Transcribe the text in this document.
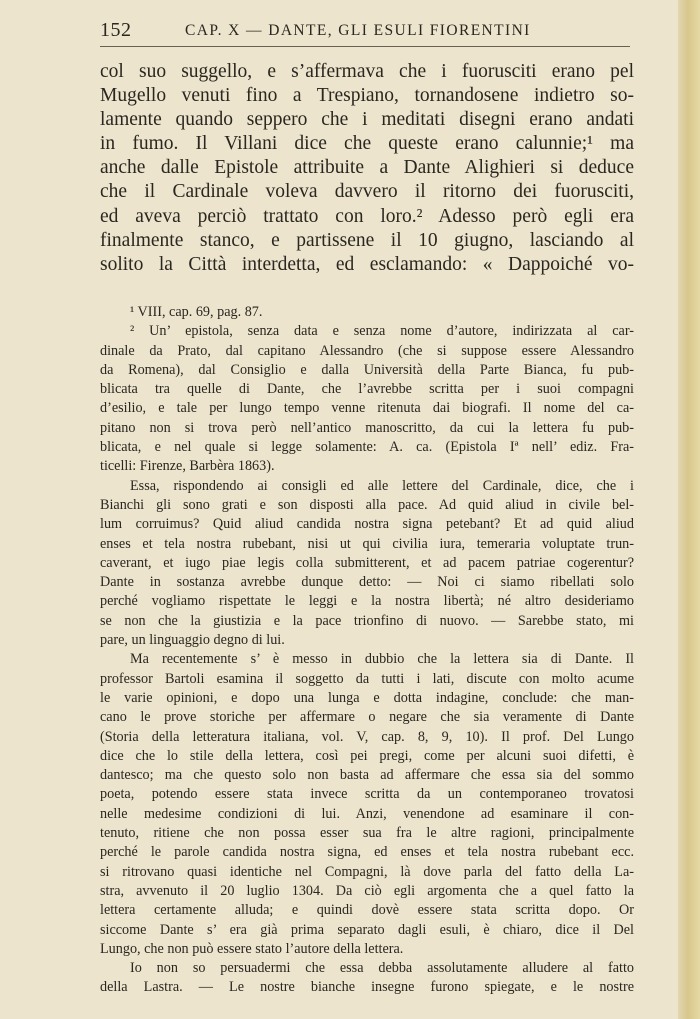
152	CAP. X — DANTE, GLI ESULI FIORENTINI
col suo suggello, e s’affermava che i fuorusciti erano pel
Mugello venuti fino a Trespiano, tornandosene indietro so-
lamente quando seppero che i meditati disegni erano andati
in fumo. Il Villani dice che queste erano calunnie;¹ ma
anche dalle Epistole attribuite a Dante Alighieri si deduce
che il Cardinale voleva davvero il ritorno dei fuorusciti,
ed aveva perciò trattato con loro.² Adesso però egli era
finalmente stanco, e partissene il 10 giugno, lasciando al
solito la Città interdetta, ed esclamando: « Dappoiché vo-
¹ VIII, cap. 69, pag. 87.
² Un’ epistola, senza data e senza nome d’autore, indirizzata al car-
dinale da Prato, dal capitano Alessandro (che si suppose essere Alessandro
da Romena), dal Consiglio e dalla Università della Parte Bianca, fu pub-
blicata tra quelle di Dante, che l’avrebbe scritta per i suoi compagni
d’esilio, e tale per lungo tempo venne ritenuta dai biografi. Il nome del ca-
pitano non si trova però nell’antico manoscritto, da cui la lettera fu pub-
blicata, e nel quale si legge solamente: A. ca. (Epistola Iª nell’ ediz. Fra-
ticelli: Firenze, Barbèra 1863).
Essa, rispondendo ai consigli ed alle lettere del Cardinale, dice, che i
Bianchi gli sono grati e son disposti alla pace. Ad quid aliud in civile bel-
lum corruimus? Quid aliud candida nostra signa petebant? Et ad quid aliud
enses et tela nostra rubebant, nisi ut qui civilia iura, temeraria voluptate trun-
caverant, et iugo piae legis colla submitterent, et ad pacem patriae cogerentur?
Dante in sostanza avrebbe dunque detto: — Noi ci siamo ribellati solo
perché vogliamo rispettate le leggi e la nostra libertà; né altro desideriamo
se non che la giustizia e la pace trionfino di nuovo. — Sarebbe stato, mi
pare, un linguaggio degno di lui.
Ma recentemente s’ è messo in dubbio che la lettera sia di Dante. Il
professor Bartoli esamina il soggetto da tutti i lati, discute con molto acume
le varie opinioni, e dopo una lunga e dotta indagine, conclude: che man-
cano le prove storiche per affermare o negare che sia veramente di Dante
(Storia della letteratura italiana, vol. V, cap. 8, 9, 10). Il prof. Del Lungo
dice che lo stile della lettera, così pei pregi, come per alcuni suoi difetti, è
dantesco; ma che questo solo non basta ad affermare che essa sia del sommo
poeta, potendo essere stata invece scritta da un contemporaneo trovatosi
nelle medesime condizioni di lui. Anzi, venendone ad esaminare il con-
tenuto, ritiene che non possa esser sua fra le altre ragioni, principalmente
perché le parole candida nostra signa, ed enses et tela nostra rubebant ecc.
si ritrovano quasi identiche nel Compagni, là dove parla del fatto della La-
stra, avvenuto il 20 luglio 1304. Da ciò egli argomenta che a quel fatto la
lettera certamente alluda; e quindi dovè essere stata scritta dopo. Or
siccome Dante s’ era già prima separato dagli esuli, è chiaro, dice il Del
Lungo, che non può essere stato l’autore della lettera.
Io non so persuadermi che essa debba assolutamente alludere al fatto
della Lastra. — Le nostre bianche insegne furono spiegate, e le nostre
